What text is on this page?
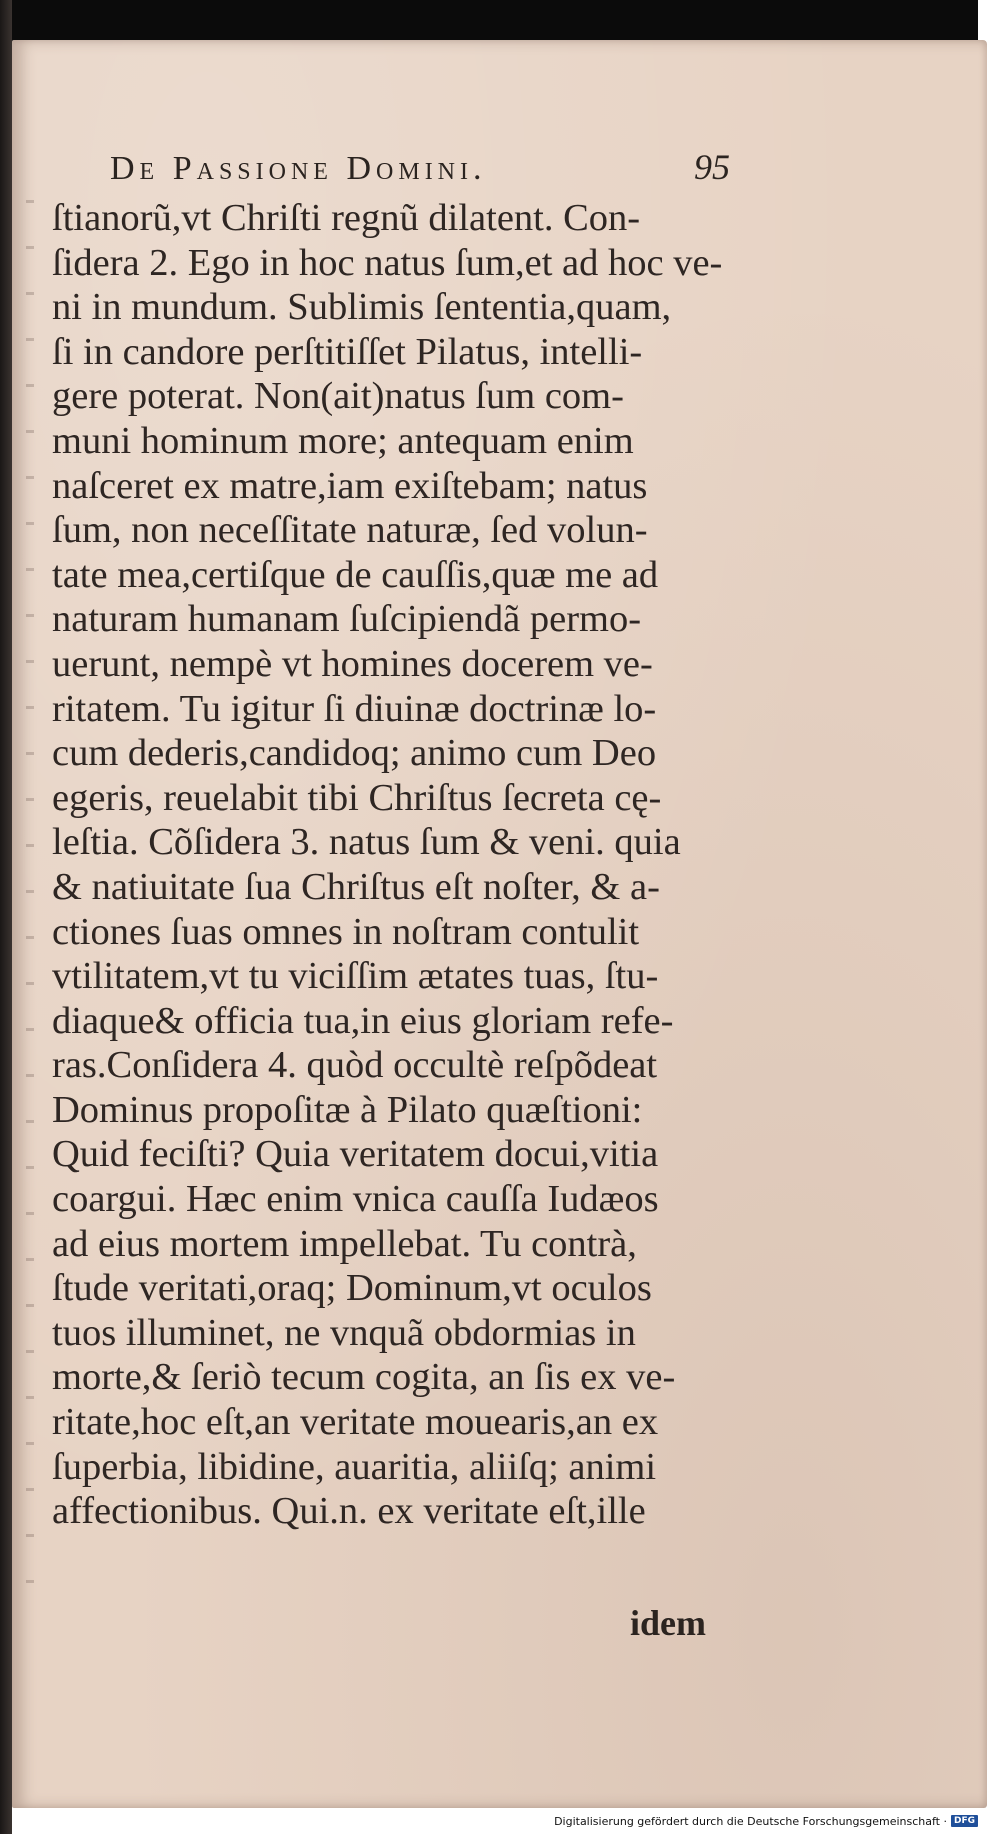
De Passione Domini.	95
ſtianorũ,vt Chriſti regnũ dilatent. Con-
ſidera 2. Ego in hoc natus ſum,et ad hoc ve-
ni in mundum. Sublimis ſententia,quam,
ſi in candore perſtitiſſet Pilatus, intelli-
gere poterat. Non(ait)natus ſum com-
muni hominum more; antequam enim
naſceret ex matre,iam exiſtebam; natus
ſum, non neceſſitate naturæ, ſed volun-
tate mea,certiſque de cauſſis,quæ me ad
naturam humanam ſuſcipiendã permo-
uerunt, nempè vt homines docerem ve-
ritatem. Tu igitur ſi diuinæ doctrinæ lo-
cum dederis,candidoq; animo cum Deo
egeris, reuelabit tibi Chriſtus ſecreta cę-
leſtia. Cõſidera 3. natus ſum & veni. quia
& natiuitate ſua Chriſtus eſt noſter, & a-
ctiones ſuas omnes in noſtram contulit
vtilitatem,vt tu viciſſim ætates tuas, ſtu-
diaque& officia tua,in eius gloriam refe-
ras.Conſidera 4. quòd occultè reſpõdeat
Dominus propoſitæ à Pilato quæſtioni:
Quid feciſti? Quia veritatem docui,vitia
coargui. Hæc enim vnica cauſſa Iudæos
ad eius mortem impellebat. Tu contrà,
ſtude veritati,oraq; Dominum,vt oculos
tuos illuminet, ne vnquã obdormias in
morte,& ſeriò tecum cogita, an ſis ex ve-
ritate,hoc eſt,an veritate mouearis,an ex
ſuperbia, libidine, auaritia, aliiſq; animi
affectionibus. Qui.n. ex veritate eſt,ille
idem
Digitalisierung gefördert durch die Deutsche Forschungsgemeinschaft · DFG
